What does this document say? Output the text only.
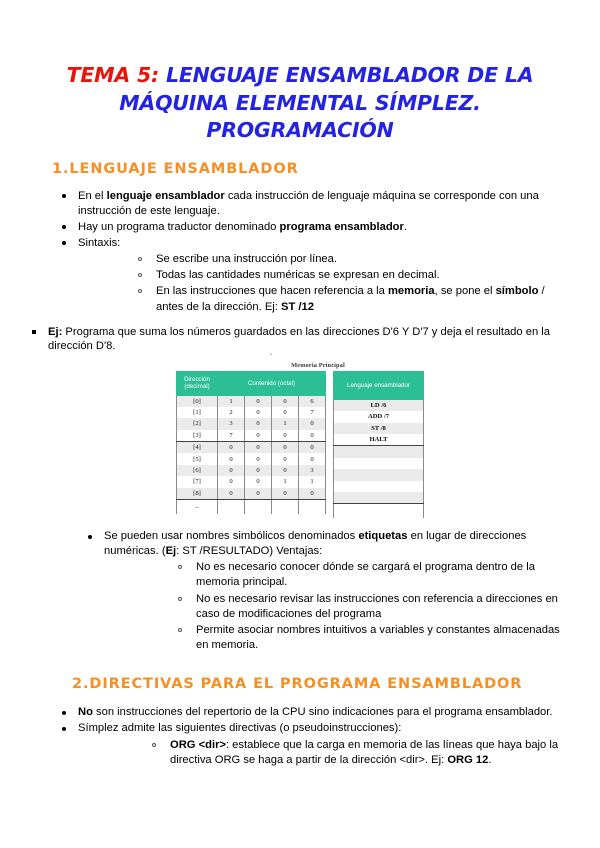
TEMA 5: LENGUAJE ENSAMBLADOR DE LA MÁQUINA ELEMENTAL SÍMPLEZ. PROGRAMACIÓN
1.LENGUAJE ENSAMBLADOR
En el lenguaje ensamblador cada instrucción de lenguaje máquina se corresponde con una instrucción de este lenguaje.
Hay un programa traductor denominado programa ensamblador.
Sintaxis:
Se escribe una instrucción por línea.
Todas las cantidades numéricas se expresan en decimal.
En las instrucciones que hacen referencia a la memoria, se pone el símbolo / antes de la dirección. Ej: ST /12
Ej: Programa que suma los números guardados en las direcciones D'6 Y D'7 y deja el resultado en la dirección D'8.
Memoria Principal
''
Dirección
(decimal)	Contenido (octal)			
[0]	1	0	0	6
[1]	2	0	0	7
[2]	3	0	1	0
[3]	7	0	0	0
[4]	0	0	0	0
[5]	0	0	0	0
[6]	0	0	0	3
[7]	0	0	1	1
[8]	0	0	0	0
–				
Lenguaje ensamblador
LD /6
ADD /7
ST /8
HALT

Se pueden usar nombres simbólicos denominados etiquetas en lugar de direcciones numéricas. (Ej: ST /RESULTADO) Ventajas:
No es necesario conocer dónde se cargará el programa dentro de la memoria principal.
No es necesario revisar las instrucciones con referencia a direcciones en caso de modificaciones del programa
Permite asociar nombres intuitivos a variables y constantes almacenadas en memoria.
2.DIRECTIVAS PARA EL PROGRAMA ENSAMBLADOR
No son instrucciones del repertorio de la CPU sino indicaciones para el programa ensamblador.
Símplez admite las siguientes directivas (o pseudoinstrucciones):
ORG <dir>: establece que la carga en memoria de las líneas que haya bajo la directiva ORG se haga a partir de la dirección <dir>. Ej: ORG 12.
